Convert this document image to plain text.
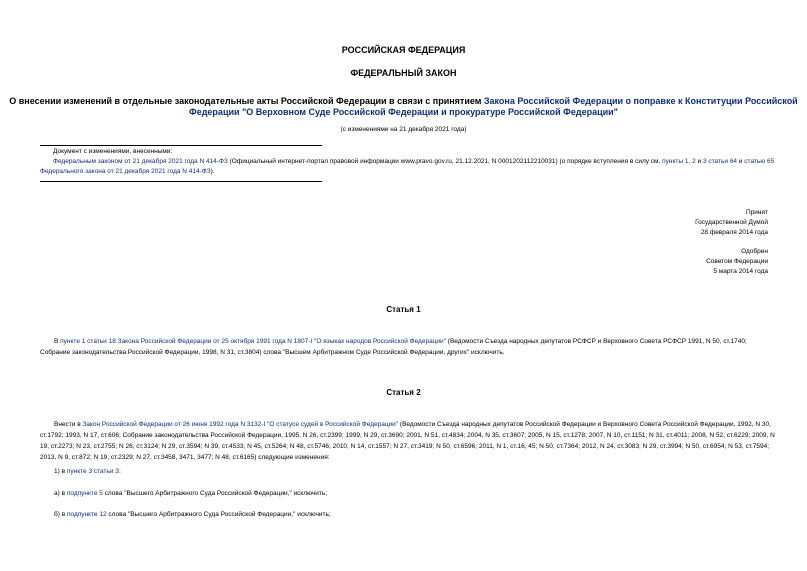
РОССИЙСКАЯ ФЕДЕРАЦИЯ
ФЕДЕРАЛЬНЫЙ ЗАКОН
О внесении изменений в отдельные законодательные акты Российской Федерации в связи с принятием Закона Российской Федерации о поправке к Конституции Российской Федерации "О Верховном Суде Российской Федерации и прокуратуре Российской Федерации"
(с изменениями на 21 декабря 2021 года)
Документ с изменениями, внесенными:
Федеральным законом от 21 декабря 2021 года N 414-ФЗ (Официальный интернет-портал правовой информации www.pravo.gov.ru, 21.12.2021, N 0001202112210031) (о порядке вступления в силу см. пункты 1, 2 и 3 статьи 64 и статью 65 Федерального закона от 21 декабря 2021 года N 414-ФЗ).
Принят
Государственной Думой
28 февраля 2014 года
Одобрен
Советом Федерации
5 марта 2014 года
Статья 1
В пункте 1 статьи 18 Закона Российской Федерации от 25 октября 1991 года N 1807-I "О языках народов Российской Федерации" (Ведомости Съезда народных депутатов РСФСР и Верховного Совета РСФСР 1991, N 50, ст.1740; Собрание законодательства Российской Федерации, 1998, N 31, ст.3804) слова "Высшем Арбитражном Суде Российской Федерации, других" исключить.
Статья 2
Внести в Закон Российской Федерации от 26 июня 1992 года N 3132-I "О статусе судей в Российской Федерации" (Ведомости Съезда народных депутатов Российской Федерации и Верховного Совета Российской Федерации, 1992, N 30, ст.1792; 1993, N 17, ст.606; Собрание законодательства Российской Федерации, 1995, N 26, ст.2399; 1999, N 29, ст.3690; 2001, N 51, ст.4834; 2004, N 35, ст.3607; 2005, N 15, ст.1278; 2007, N 10, ст.1151; N 31, ст.4011; 2008, N 52, ст.6229; 2009, N 19, ст.2273; N 23, ст.2755; N 26, ст.3124; N 29, ст.3594; N 39, ст.4533; N 45, ст.5264; N 48, ст.5746; 2010, N 14, ст.1557; N 27, ст.3419; N 50, ст.6596; 2011, N 1, ст.16, 45; N 50, ст.7364; 2012, N 24, ст.3083; N 29, ст.3994; N 50, ст.6954; N 53, ст.7594; 2013, N 9, ст.872; N 19, ст.2329; N 27, ст.3458, 3471, 3477; N 48, ст.6165) следующие изменения:
1) в пункте 3 статьи 3:
а) в подпункте 5 слова "Высшего Арбитражного Суда Российской Федерации," исключить;
б) в подпункте 12 слова "Высшего Арбитражного Суда Российской Федерации," исключить;
